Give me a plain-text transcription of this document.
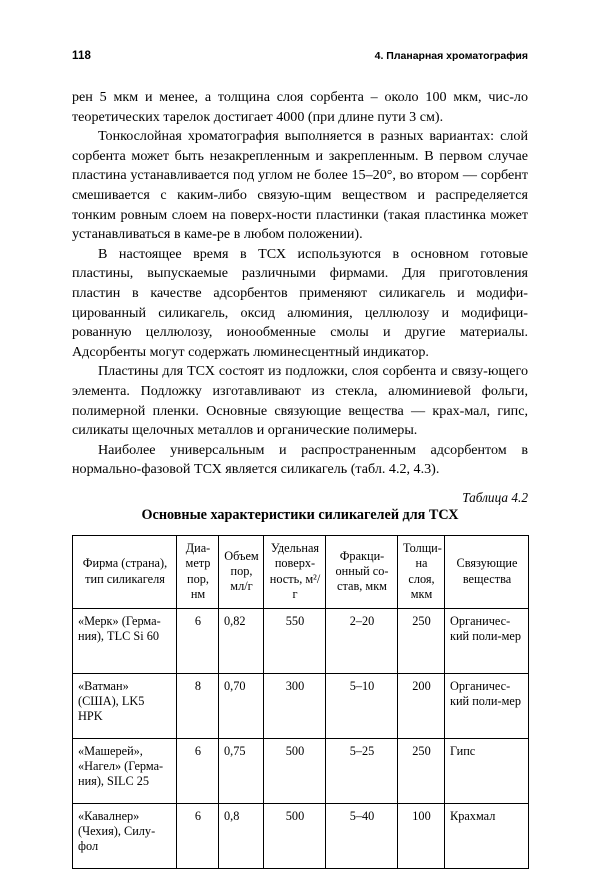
118	4. Планарная хроматография

рен 5 мкм и менее, а толщина слоя сорбента – около 100 мкм, чис-ло теоретических тарелок достигает 4000 (при длине пути 3 см).

Тонкослойная хроматография выполняется в разных вариантах: слой сорбента может быть незакрепленным и закрепленным. В первом случае пластина устанавливается под углом не более 15–20°, во втором — сорбент смешивается с каким-либо связую-щим веществом и распределяется тонким ровным слоем на поверх-ности пластинки (такая пластинка может устанавливаться в каме-ре в любом положении).

В настоящее время в ТСХ используются в основном готовые пластины, выпускаемые различными фирмами. Для приготовления пластин в качестве адсорбентов применяют силикагель и модифи-цированный силикагель, оксид алюминия, целлюлозу и модифици-рованную целлюлозу, ионообменные смолы и другие материалы. Адсорбенты могут содержать люминесцентный индикатор.

Пластины для ТСХ состоят из подложки, слоя сорбента и связу-ющего элемента. Подложку изготавливают из стекла, алюминиевой фольги, полимерной пленки. Основные связующие вещества — крах-мал, гипс, силикаты щелочных металлов и органические полимеры.

Наиболее универсальным и распространенным адсорбентом в нормально-фазовой ТСХ является силикагель (табл. 4.2, 4.3).

Таблица 4.2
Основные характеристики силикагелей для ТСХ
Фирма (страна), тип силикагеля	Диа-метр пор, нм	Объем пор, мл/г	Удельная поверх-ность, м²/г	Фракци-онный со-став, мкм	Толщи-на слоя, мкм	Связующие вещества
«Мерк» (Герма-ния), TLC Si 60	6	0,82	550	2–20	250	Органичес-кий поли-мер
«Ватман» (США), LK5 HPK	8	0,70	300	5–10	200	Органичес-кий поли-мер
«Машерей», «Нагел» (Герма-ния), SILC 25	6	0,75	500	5–25	250	Гипс
«Кавалнер» (Чехия), Силу-фол	6	0,8	500	5–40	100	Крахмал
